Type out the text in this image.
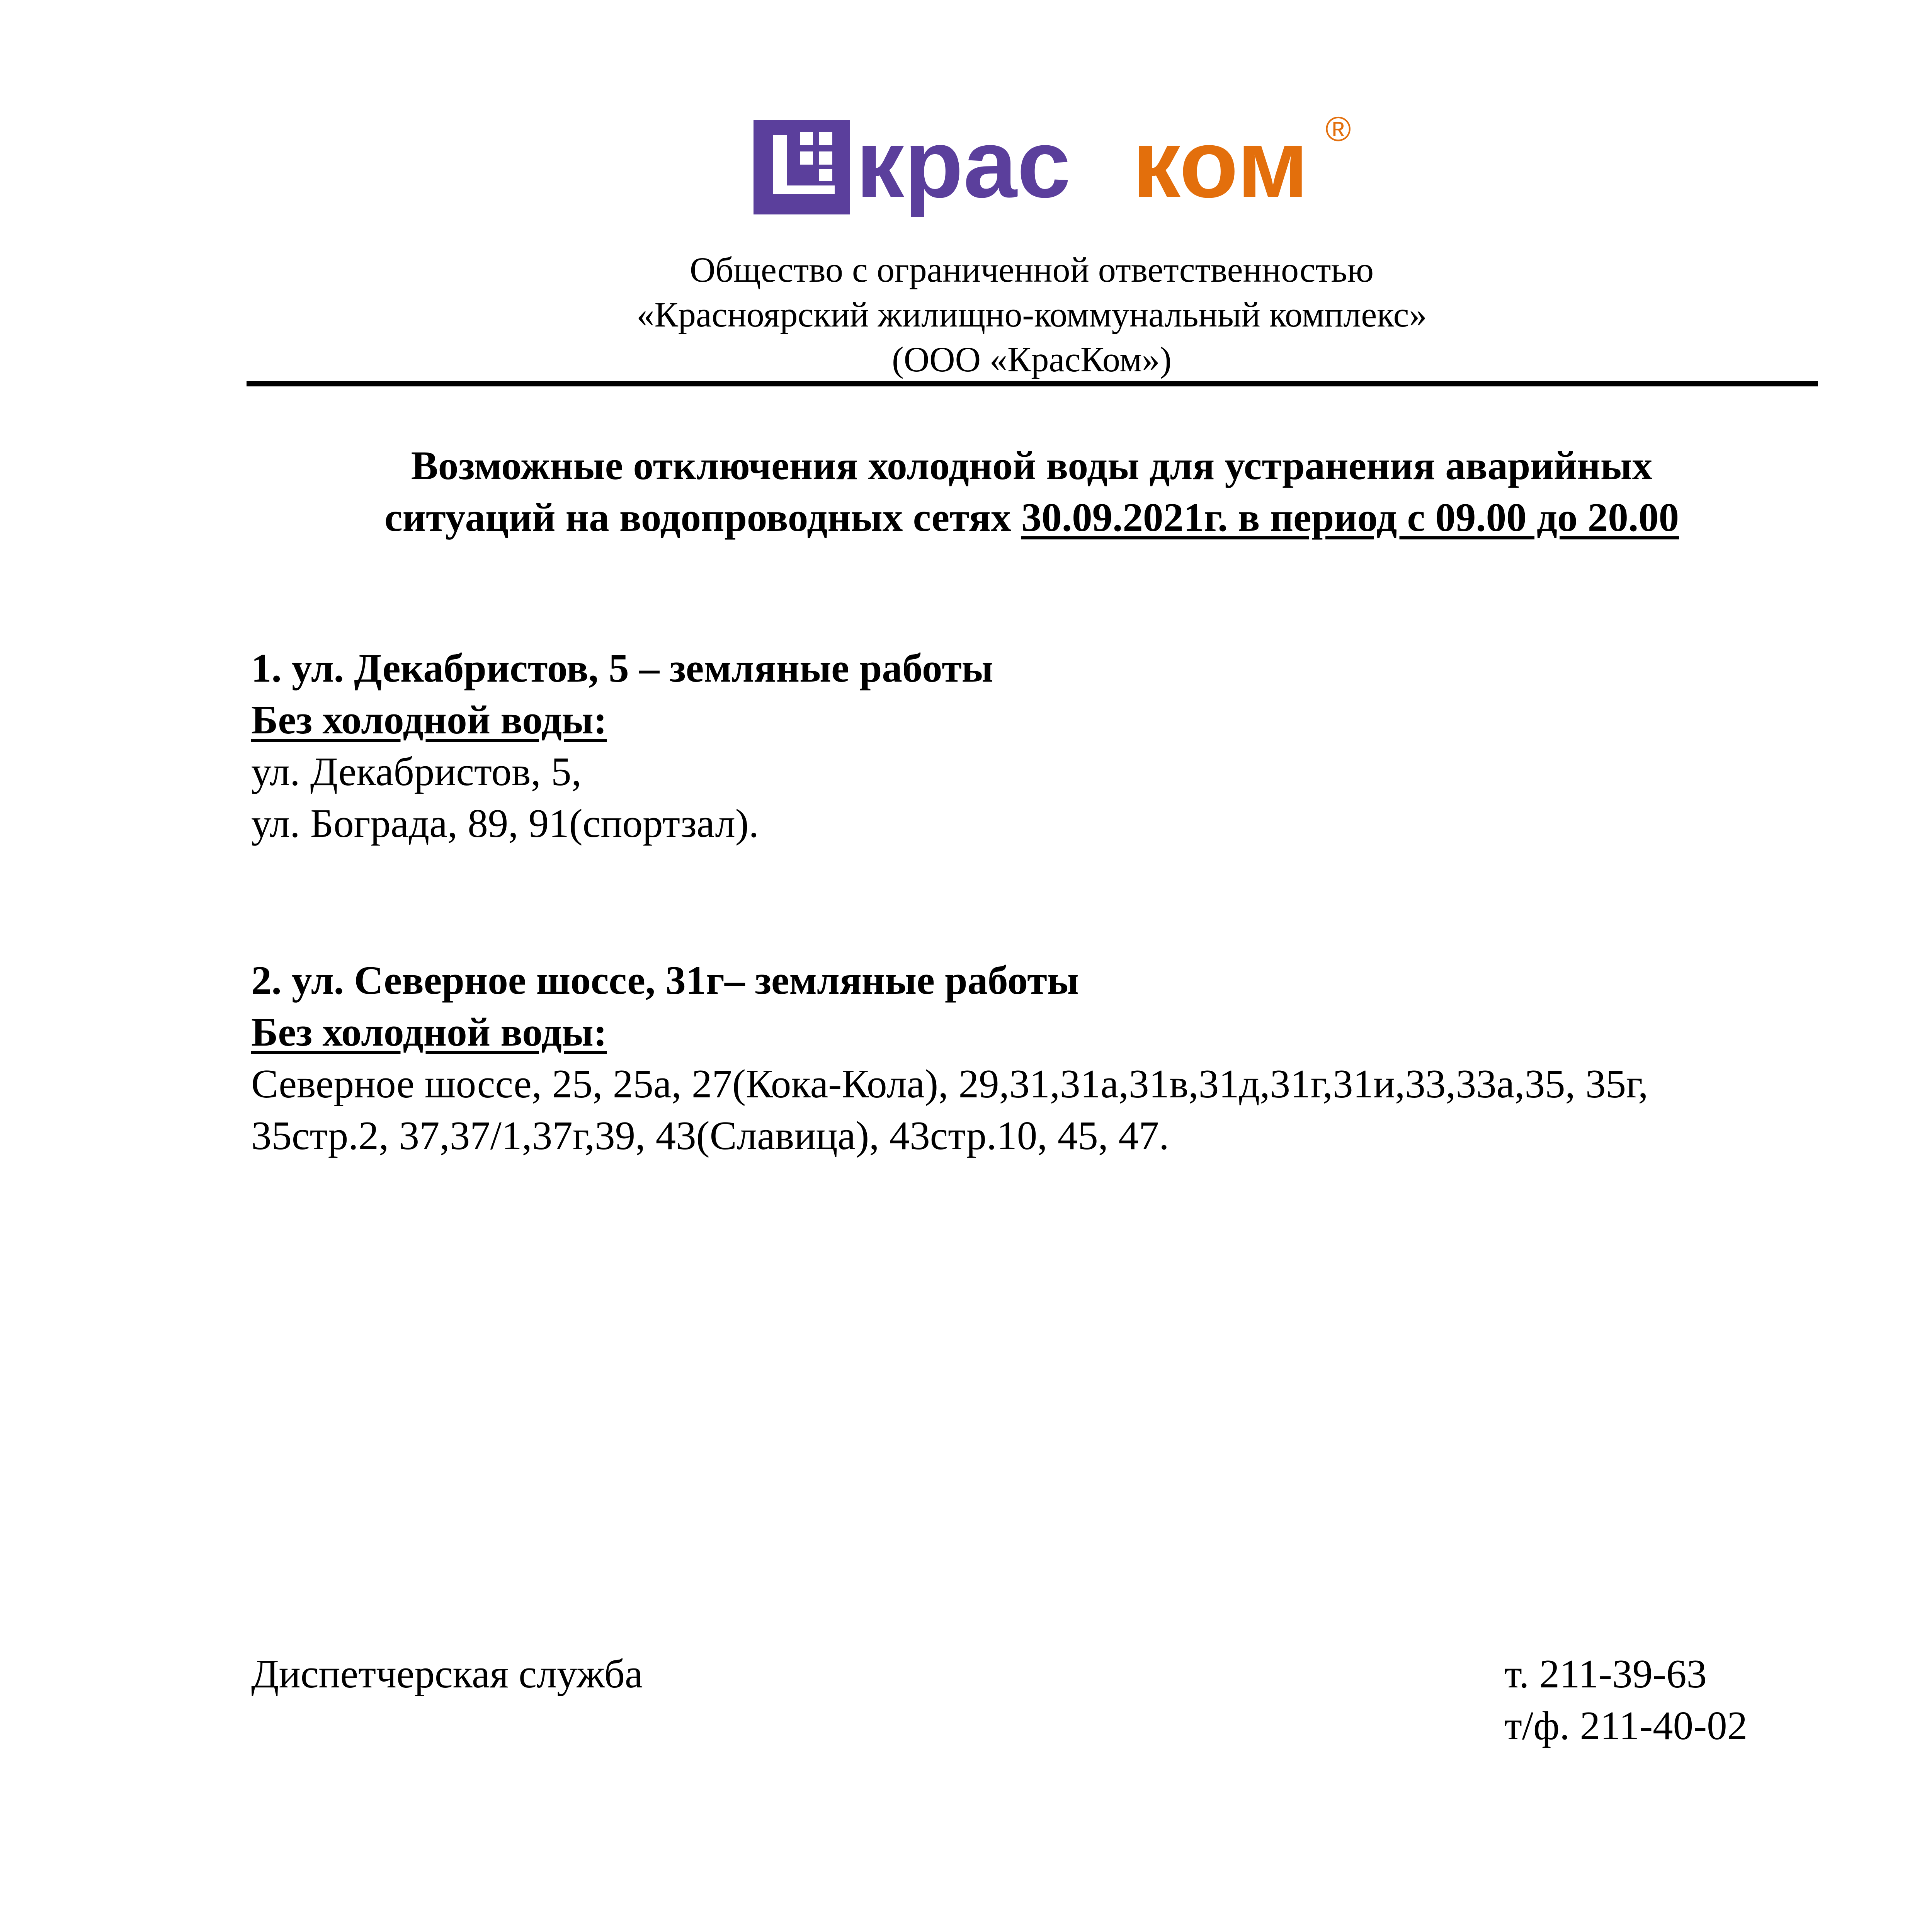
крас ком ®
Общество с ограниченной ответственностью
«Красноярский жилищно-коммунальный комплекс»
(ООО «КрасКом»)
Возможные отключения холодной воды для устранения аварийных
ситуаций на водопроводных сетях 30.09.2021г. в период с 09.00 до 20.00
1. ул. Декабристов, 5 – земляные работы
Без холодной воды:
ул. Декабристов, 5,
ул. Бограда, 89, 91(спортзал).
2. ул. Северное шоссе, 31г– земляные работы
Без холодной воды:
Северное шоссе, 25, 25а, 27(Кока-Кола), 29,31,31а,31в,31д,31г,31и,33,33а,35, 35г,
35стр.2, 37,37/1,37г,39, 43(Славица), 43стр.10, 45, 47.
Диспетчерская служба	т. 211-39-63
т/ф. 211-40-02
